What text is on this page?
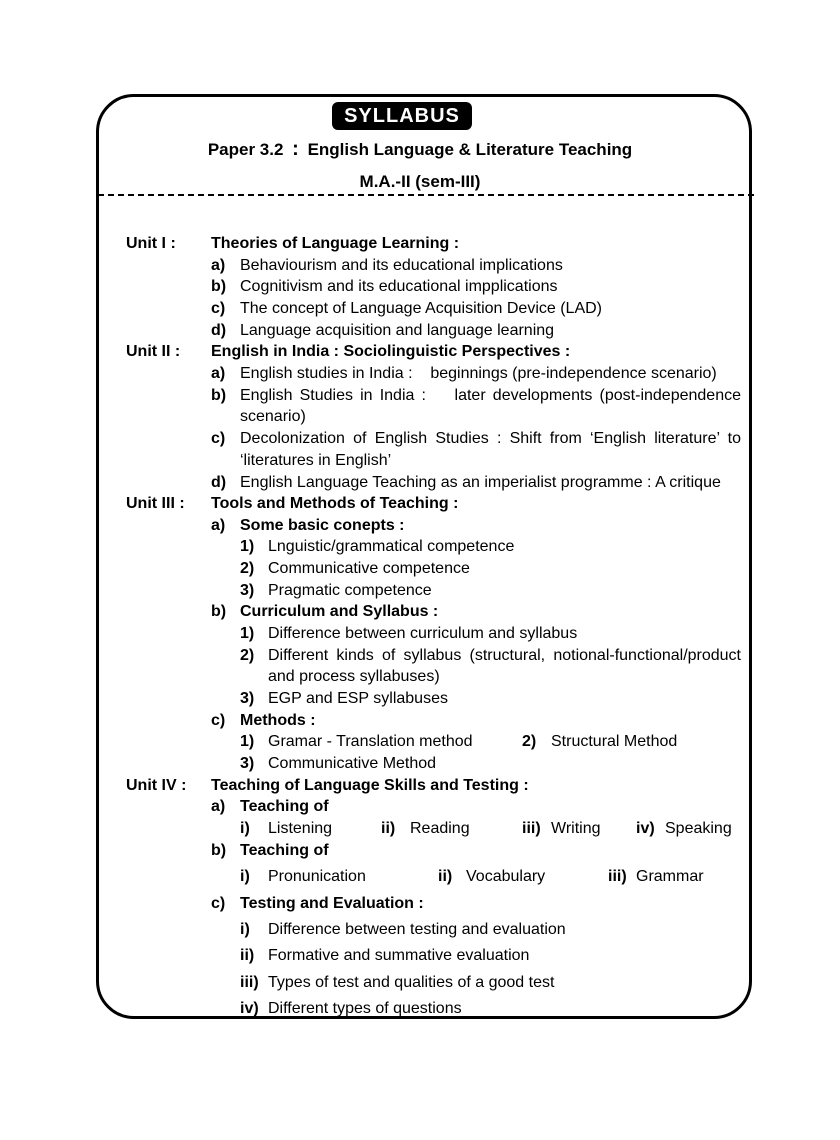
SYLLABUS
Paper 3.2 : English Language & Literature Teaching
M.A.-II (sem-III)
Unit I : Theories of Language Learning :
a) Behaviourism and its educational implications
b) Cognitivism and its educational impplications
c) The concept of Language Acquisition Device (LAD)
d) Language acquisition and language learning
Unit II : English in India : Sociolinguistic Perspectives :
a) English studies in India :    beginnings (pre-independence scenario)
b) English Studies in India :    later developments (post-independence
scenario)
c) Decolonization of English Studies : Shift from ‘English literature’ to
‘literatures in English’
d) English Language Teaching as an imperialist programme : A critique
Unit III : Tools and Methods of Teaching :
a) Some basic conepts :
1) Lnguistic/grammatical competence
2) Communicative competence
3) Pragmatic competence
b) Curriculum and Syllabus :
1) Difference between curriculum and syllabus
2) Different kinds of syllabus (structural, notional-functional/product
and process syllabuses)
3) EGP and ESP syllabuses
c) Methods :
1) Gramar - Translation method	2) Structural Method
3) Communicative Method
Unit IV : Teaching of Language Skills and Testing :
a) Teaching of
i) Listening	ii) Reading	iii) Writing iv) Speaking
b) Teaching of
i) Pronunication	ii) Vocabulary	iii) Grammar
c) Testing and Evaluation :
i) Difference between testing and evaluation
ii) Formative and summative evaluation
iii) Types of test and qualities of a good test
iv) Different types of questions
